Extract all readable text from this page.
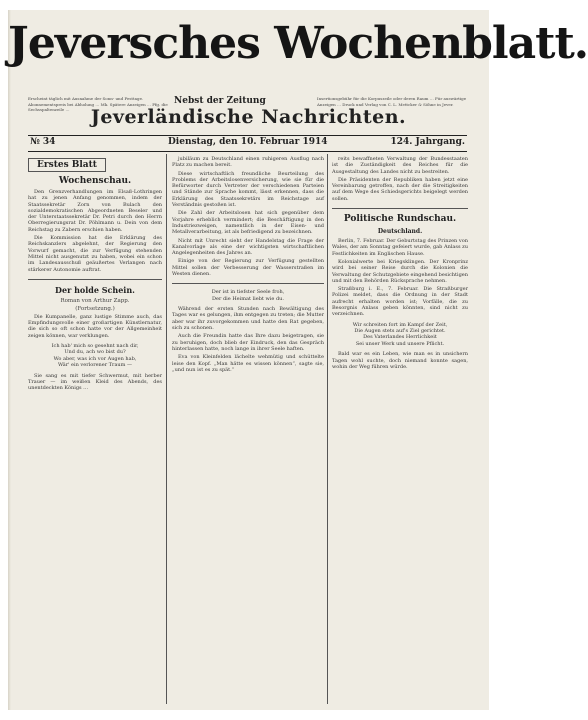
Jeversches Wochenblatt.
Erscheint täglich mit Ausnahme der Sonn- und Festtage. Abonnementspreis bei Abholung … Mk. Spätere Anzeigen … Pfg. die Sechsspaltenzeile …
Nebst der Zeitung	Insertionsgebühr für die Korpuszeile oder deren Raum … Für auswärtige Anzeigen … Druck und Verlag von C. L. Mettcker & Söhne in Jever.
Jeverländische Nachrichten.
№ 34	Dienstag, den 10. Februar 1914	124. Jahrgang.
Erstes Blatt
Wochenschau.

Den Grenzverhandlungen im Elsaß-Lothringen hat zu jenen Anfang genommen, indem der Staatssekretär Zorn von Bulach den sozialdemokratischen Abgeordneten Beseler und der Unterstaatssekretär Dr. Petri durch den Herrn Oberregierungsrat Dr. Pöhlmann u. Dein von dem Reichstag zu Zabern erschien haben.

Die Kommission hat die Erklärung des Reichskanzlers abgelehnt, der Regierung den Vorwurf gemacht, die zur Verfügung stehenden Mittel nicht ausgenutzt zu haben, wobei ein schon im Landesausschuß geäußertes Verlangen nach stärkerer Autonomie auftrat.

Der holde Schein.
Roman von Arthur Zapp.
(Fortsetzung.)

Die Kumpanelle, ganz lustige Stimme auch, das Empfindungsvolle einer großartigen Künstlernatur, die sich so oft schon hatte vor der Allgemeinheit zeigen können, war verklungen.

Ich hab' mich so gesehnt nach dir,
Und du, ach wo bist du?
Wo aber, was ich vor Augen hab,
Wär' ein verlorener Traum —

Sie sang es mit tiefer Schwermut, mit herber Trauer — im weißen Kleid des Abends, des unentdeckten Königs …

jubiläum zu Deutschland einen ruhigeren Ausflug nach Platz zu machen bereit.

Diese wirtschaftlich freundliche Beurteilung des Problems der Arbeitslosenversicherung, wie sie für die Befürworter durch Vertreter der verschiedenen Parteien und Stände zur Sprache kommt, lässt erkennen, dass die Erklärung des Staatssekretärs im Reichstage auf Verständnis gestoßen ist.

Die Zahl der Arbeitslosen hat sich gegenüber dem Vorjahre erheblich vermindert; die Beschäftigung in den Industriezweigen, namentlich in der Eisen- und Metallverarbeitung, ist als befriedigend zu bezeichnen.

Nicht mit Unrecht sieht der Handelstag die Frage der Kanalvorlage als eine der wichtigsten wirtschaftlichen Angelegenheiten des Jahres an.

Einige von der Regierung zur Verfügung gestellten Mittel sollen der Verbesserung der Wasserstraßen im Westen dienen.

Der ist in tiefster Seele froh,
Der die Heimat liebt wie du.

Während der ersten Stunden nach Bewältigung des Tages war es gelungen, ihm entgegen zu treten; die Mutter aber war ihr zuvorgekommen und hatte den Rat gegeben, sich zu schonen.

Auch die Freundin hatte das Ihre dazu beigetragen, sie zu beruhigen, doch blieb der Eindruck, den das Gespräch hinterlassen hatte, noch lange in ihrer Seele haften.

Eva von Kleinfelden lächelte wehmütig und schüttelte leise den Kopf. „Man hätte es wissen können“, sagte sie, „und nun ist es zu spät.“

reits bewaffneten Verwaltung der Bundesstaaten ist die Zuständigkeit des Reiches für die Ausgestaltung des Landes nicht zu bestreiten.

Die Präsidenten der Republiken haben jetzt eine Vereinbarung getroffen, nach der die Streitigkeiten auf dem Wege des Schiedsgerichts beigelegt werden sollen.

Politische Rundschau.
Deutschland.

Berlin, 7. Februar. Der Geburtstag des Prinzen von Wales, der am Sonntag gefeiert wurde, gab Anlass zu Festlichkeiten im Englischen Hause.

Kolonialwerte bei Kriegsklingen. Der Kronprinz wird bei seiner Reise durch die Kolonien die Verwaltung der Schutzgebiete eingehend besichtigen und mit den Behörden Rücksprache nehmen.

Straßburg i. E., 7. Februar. Die Straßburger Polizei meldet, dass die Ordnung in der Stadt aufrecht erhalten worden ist; Vorfälle, die zu Besorgnis Anlass geben könnten, sind nicht zu verzeichnen.

Wir schreiten fort im Kampf der Zeit,
Die Augen stets auf's Ziel gerichtet.
Des Vaterlandes Herrlichkeit
Sei unser Werk und unsere Pflicht.

Bald war es ein Leben, wie man es in unsichern Tagen wohl suchte, doch niemand konnte sagen, wohin der Weg führen würde.
